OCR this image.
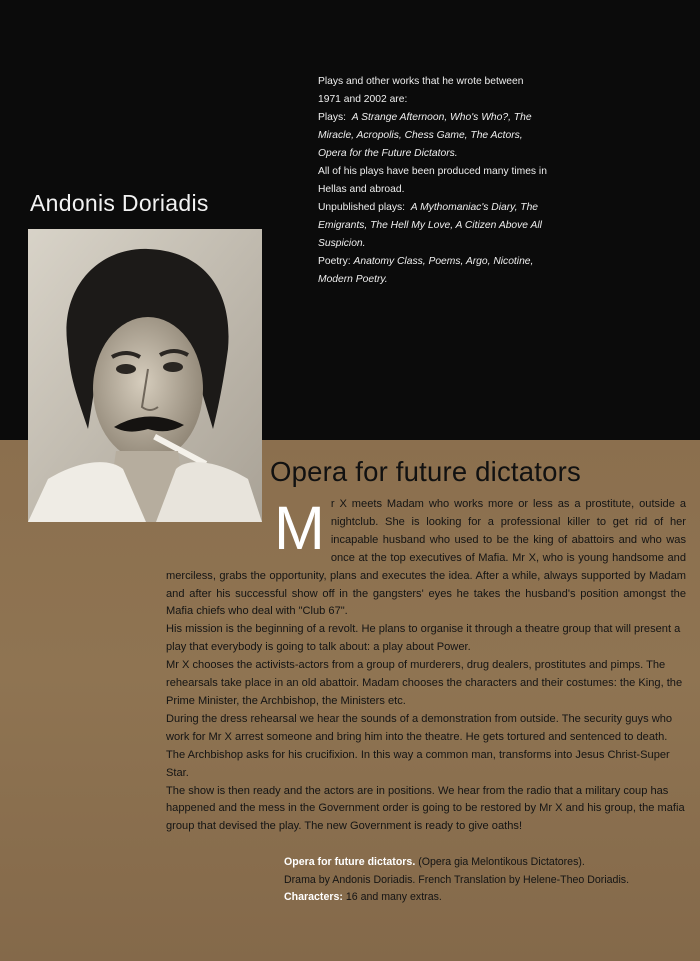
Andonis Doriadis
Plays and other works that he wrote between 1971 and 2002 are:
Plays: A Strange Afternoon, Who's Who?, The Miracle, Acropolis, Chess Game, The Actors,
Opera for the Future Dictators.
All of his plays have been produced many times in Hellas and abroad.
Unpublished plays: A Mythomaniac's Diary, The Emigrants, The Hell My Love, A Citizen Above All Suspicion.
Poetry: Anatomy Class, Poems, Argo, Nicotine, Modern Poetry.
Opera for future dictators

M r X meets Madam who works more or less as a prostitute, outside a nightclub. She is looking for a professional killer to get rid of her incapable husband who used to be the king of abattoirs and who was once at the top executives of Mafia. Mr X, who is young handsome and merciless, grabs the opportunity, plans and executes the idea. After a while, always supported by Madam and after his successful show off in the gangsters' eyes he takes the husband's position amongst the Mafia chiefs who deal with "Club 67".

His mission is the beginning of a revolt. He plans to organise it through a theatre group that will present a play that everybody is going to talk about: a play about Power.

Mr X chooses the activists-actors from a group of murderers, drug dealers, prostitutes and pimps. The rehearsals take place in an old abattoir. Madam chooses the characters and their costumes: the King, the Prime Minister, the Archbishop, the Ministers etc.

During the dress rehearsal we hear the sounds of a demonstration from outside. The security guys who work for Mr X arrest someone and bring him into the theatre. He gets tortured and sentenced to death. The Archbishop asks for his crucifixion. In this way a common man, transforms into Jesus Christ-Super Star.

The show is then ready and the actors are in positions. We hear from the radio that a military coup has happened and the mess in the Government order is going to be restored by Mr X and his group, the mafia group that devised the play. The new Government is ready to give oaths!

Opera for future dictators. (Opera gia Melontikous Dictatores).
Drama by Andonis Doriadis. French Translation by Helene-Theo Doriadis.
Characters: 16 and many extras.
